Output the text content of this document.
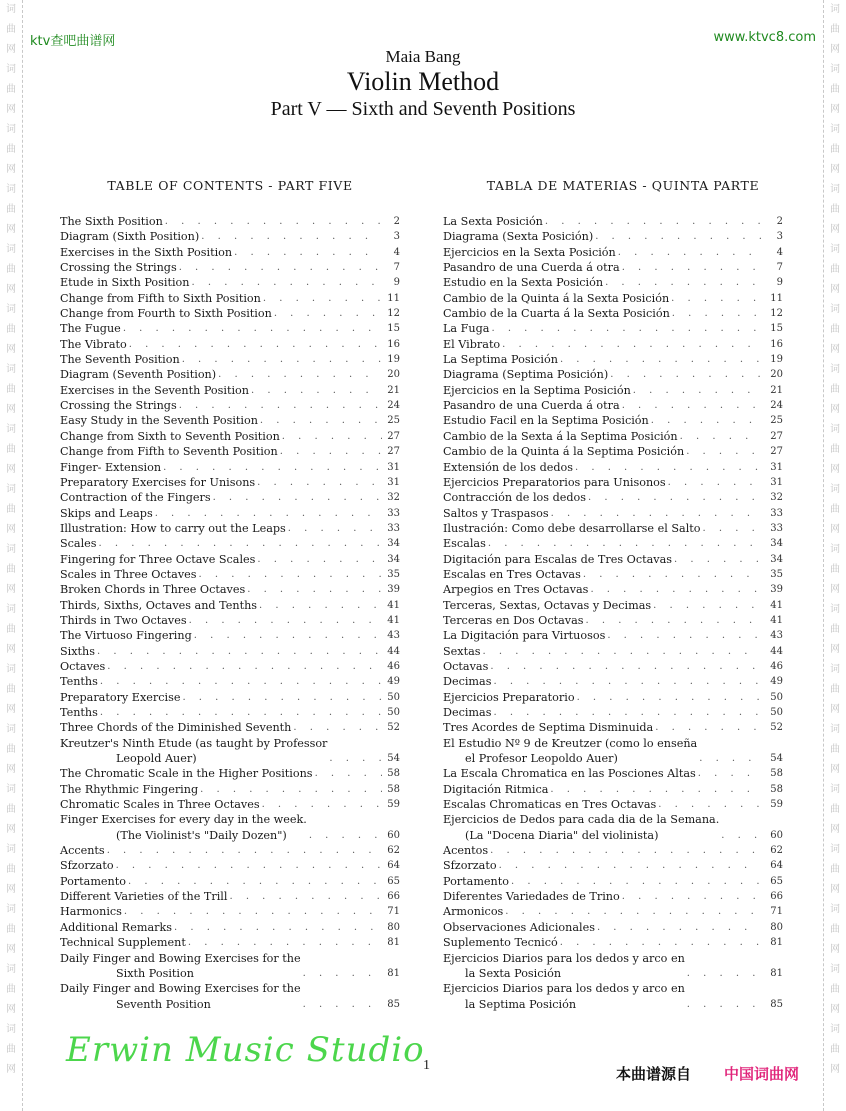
词
曲
网
词
曲
网
词
曲
网
词
曲
网
词
曲
网
词
曲
网
词
曲
网
词
曲
网
词
曲
网
词
曲
网
词
曲
网
词
曲
网
词
曲
网
词
曲
网
词
曲
网
词
曲
网
词
曲
网
词
曲
网
词
曲
网
词
曲
网
词
曲
网
词
曲
网
词
曲
网
词
曲
网
词
曲
网
词
曲
网
词
曲
网
词
曲
网
词
曲
网
词
曲
网
词
曲
网
词
曲
网
词
曲
网
词
曲
网
词
曲
网
词
曲
网
ktv查吧曲谱网	www.ktvc8.com
Maia Bang
Violin Method
Part V — Sixth and Seventh Positions
TABLE OF CONTENTS - PART FIVE
The Sixth Position . . .	2
Diagram (Sixth Position) . . .	3
Exercises in the Sixth Position . . .	4
Crossing the Strings . . .	7
Etude in Sixth Position . . .	9
Change from Fifth to Sixth Position . . .	11
Change from Fourth to Sixth Position . . .	12
The Fugue . . .	15
The Vibrato . . .	16
The Seventh Position . . .	19
Diagram (Seventh Position) . . .	20
Exercises in the Seventh Position . . .	21
Crossing the Strings . . .	24
Easy Study in the Seventh Position . . .	25
Change from Sixth to Seventh Position . . .	27
Change from Fifth to Seventh Position . . .	27
Finger- Extension . . .	31
Preparatory Exercises for Unisons . . .	31
Contraction of the Fingers . . .	32
Skips and Leaps . . .	33
Illustration: How to carry out the Leaps . . .	33
Scales . . .	34
Fingering for Three Octave Scales . . .	34
Scales in Three Octaves . . .	35
Broken Chords in Three Octaves . . .	39
Thirds, Sixths, Octaves and Tenths . . .	41
Thirds in Two Octaves . . .	41
The Virtuoso Fingering . . .	43
Sixths . . .	44
Octaves . . .	46
Tenths . . .	49
Preparatory Exercise . . .	50
Tenths . . .	50
Three Chords of the Diminished Seventh . . .	52
Kreutzer's Ninth Etude (as taught by Professor
Leopold Auer) . . .	54
The Chromatic Scale in the Higher Positions . . .	58
The Rhythmic Fingering . . .	58
Chromatic Scales in Three Octaves . . .	59
Finger Exercises for every day in the week.
(The Violinist's "Daily Dozen") . . .	60
Accents . . .	62
Sfzorzato . . .	64
Portamento . . .	65
Different Varieties of the Trill . . .	66
Harmonics . . .	71
Additional Remarks . . .	80
Technical Supplement . . .	81
Daily Finger and Bowing Exercises for the
Sixth Position . . .	81
Daily Finger and Bowing Exercises for the
Seventh Position . . .	85
TABLA DE MATERIAS - QUINTA PARTE
La Sexta Posición . . .	2
Diagrama (Sexta Posición) . . .	3
Ejercicios en la Sexta Posición . . .	4
Pasandro de una Cuerda á otra . . .	7
Estudio en la Sexta Posición . . .	9
Cambio de la Quinta á la Sexta Posición . . .	11
Cambio de la Cuarta á la Sexta Posición . . .	12
La Fuga . . .	15
El Vibrato . . .	16
La Septima Posición . . .	19
Diagrama (Septima Posición) . . .	20
Ejercicios en la Septima Posición . . .	21
Pasandro de una Cuerda á otra . . .	24
Estudio Facil en la Septima Posición . . .	25
Cambio de la Sexta á la Septima Posición . . .	27
Cambio de la Quinta á la Septima Posición . . .	27
Extensión de los dedos . . .	31
Ejercicios Preparatorios para Unisonos . . .	31
Contracción de los dedos . . .	32
Saltos y Traspasos . . .	33
Ilustración: Como debe desarrollarse el Salto . . .	33
Escalas . . .	34
Digitación para Escalas de Tres Octavas . . .	34
Escalas en Tres Octavas . . .	35
Arpegios en Tres Octavas . . .	39
Terceras, Sextas, Octavas y Decimas . . .	41
Terceras en Dos Octavas . . .	41
La Digitación para Virtuosos . . .	43
Sextas . . .	44
Octavas . . .	46
Decimas . . .	49
Ejercicios Preparatorio . . .	50
Decimas . . .	50
Tres Acordes de Septima Disminuida . . .	52
El Estudio Nº 9 de Kreutzer (como lo enseña
el Profesor Leopoldo Auer) . . .	54
La Escala Chromatica en las Posciones Altas . . .	58
Digitación Ritmica . . .	58
Escalas Chromaticas en Tres Octavas . . .	59
Ejercicios de Dedos para cada dia de la Semana.
(La "Docena Diaria" del violinista) . . .	60
Acentos . . .	62
Sfzorzato . . .	64
Portamento . . .	65
Diferentes Variedades de Trino . . .	66
Armonicos . . .	71
Observaciones Adicionales . . .	80
Suplemento Tecnicó . . .	81
Ejercicios Diarios para los dedos y arco en
la Sexta Posición . . .	81
Ejercicios Diarios para los dedos y arco en
la Septima Posición . . .	85
Erwin Music Studio
1	本曲谱源自 中国词曲网
